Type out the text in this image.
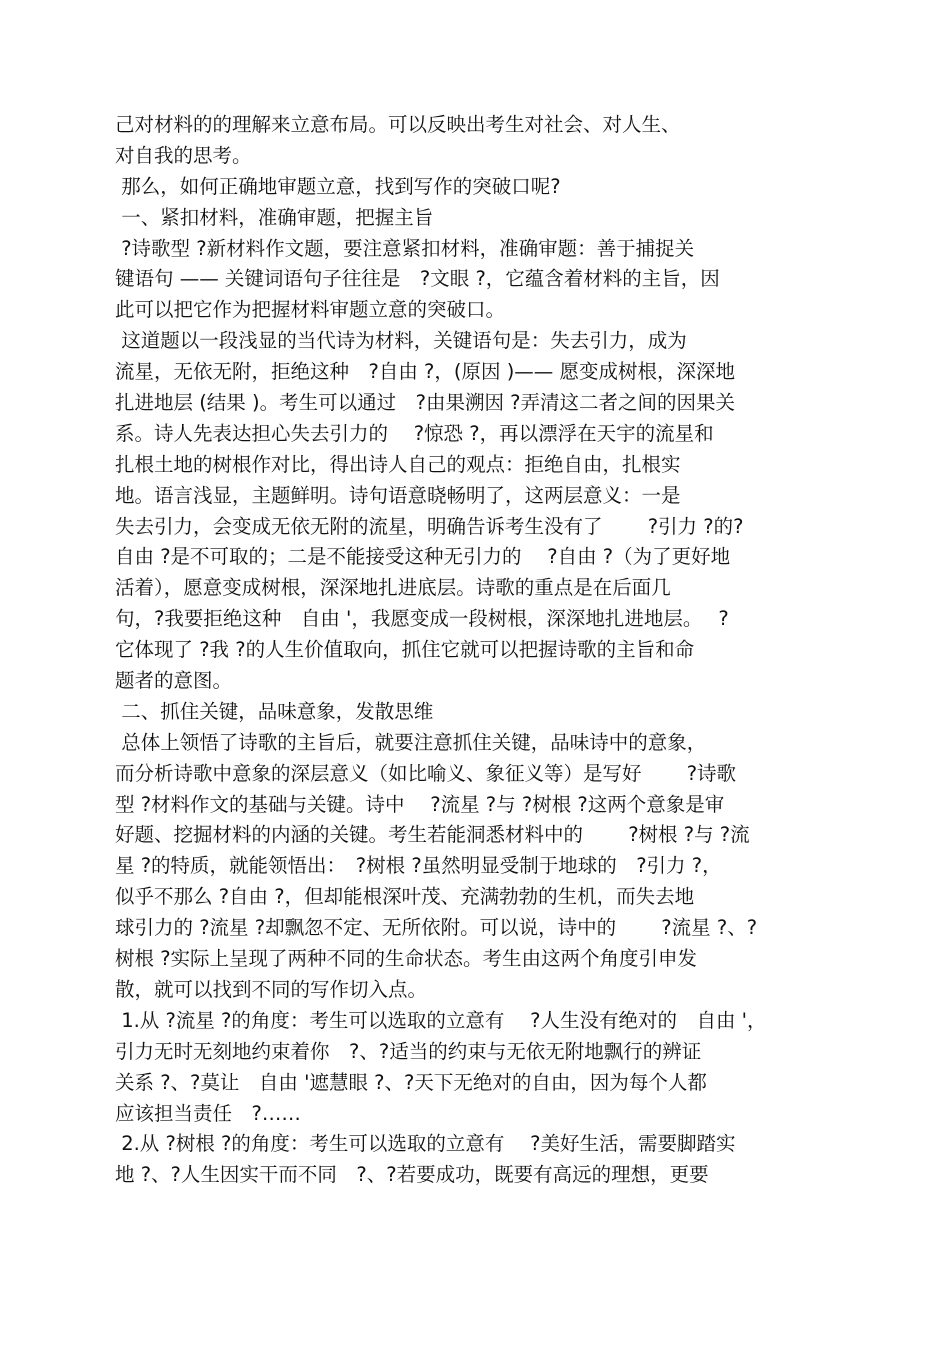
己对材料的的理解来立意布局。可以反映出考生对社会、对人生、
对自我的思考。
那么，如何正确地审题立意，找到写作的突破口呢?
一、紧扣材料，准确审题，把握主旨
?诗歌型 ?新材料作文题，要注意紧扣材料，准确审题：善于捕捉关
键语句 —— 关键词语句子往往是　?文眼 ?，它蕴含着材料的主旨，因
此可以把它作为把握材料审题立意的突破口。
这道题以一段浅显的当代诗为材料，关键语句是：失去引力，成为
流星，无依无附，拒绝这种　?自由 ?，(原因 )—— 愿变成树根，深深地
扎进地层 (结果 )。考生可以通过　?由果溯因 ?弄清这二者之间的因果关
系。诗人先表达担心失去引力的　 ?惊恐 ?，再以漂浮在天宇的流星和
扎根土地的树根作对比，得出诗人自己的观点：拒绝自由，扎根实
地。语言浅显，主题鲜明。诗句语意晓畅明了，这两层意义：一是
失去引力，会变成无依无附的流星，明确告诉考生没有了　　 ?引力 ?的?
自由 ?是不可取的；二是不能接受这种无引力的　 ?自由 ?（为了更好地
活着），愿意变成树根，深深地扎进底层。诗歌的重点是在后面几
句，?我要拒绝这种　自由 '，我愿变成一段树根，深深地扎进地层。　 ?
它体现了 ?我 ?的人生价值取向，抓住它就可以把握诗歌的主旨和命
题者的意图。
二、抓住关键，品味意象，发散思维
总体上领悟了诗歌的主旨后，就要注意抓住关键，品味诗中的意象，
而分析诗歌中意象的深层意义（如比喻义、象征义等）是写好　　 ?诗歌
型 ?材料作文的基础与关键。诗中　 ?流星 ?与 ?树根 ?这两个意象是审
好题、挖掘材料的内涵的关键。考生若能洞悉材料中的　　 ?树根 ?与 ?流
星 ?的特质，就能领悟出：　?树根 ?虽然明显受制于地球的　?引力 ?，
似乎不那么 ?自由 ?，但却能根深叶茂、充满勃勃的生机，而失去地
球引力的 ?流星 ?却飘忽不定、无所依附。可以说，诗中的　　 ?流星 ?、?
树根 ?实际上呈现了两种不同的生命状态。考生由这两个角度引申发
散，就可以找到不同的写作切入点。
1.从 ?流星 ?的角度：考生可以选取的立意有　 ?人生没有绝对的　自由 '，
引力无时无刻地约束着你　?、?适当的约束与无依无附地飘行的辨证
关系 ?、?莫让　自由 '遮慧眼 ?、?天下无绝对的自由，因为每个人都
应该担当责任　?……
2.从 ?树根 ?的角度：考生可以选取的立意有　 ?美好生活，需要脚踏实
地 ?、?人生因实干而不同　?、?若要成功，既要有高远的理想，更要
